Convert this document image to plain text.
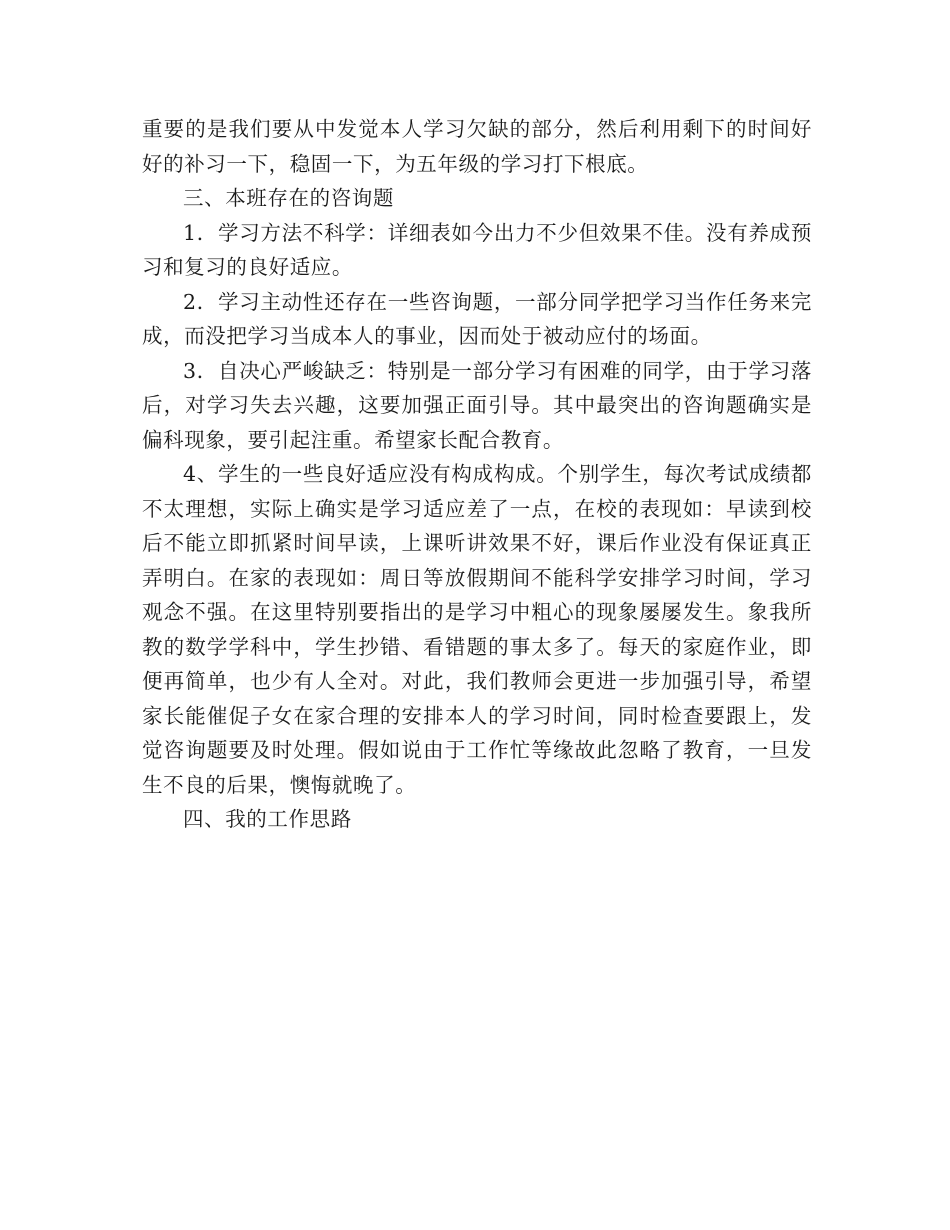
重要的是我们要从中发觉本人学习欠缺的部分，然后利用剩下的时间好好的补习一下，稳固一下，为五年级的学习打下根底。

三、本班存在的咨询题

1．学习方法不科学：详细表如今出力不少但效果不佳。没有养成预习和复习的良好适应。

2．学习主动性还存在一些咨询题，一部分同学把学习当作任务来完成，而没把学习当成本人的事业，因而处于被动应付的场面。

3．自决心严峻缺乏：特别是一部分学习有困难的同学，由于学习落后，对学习失去兴趣，这要加强正面引导。其中最突出的咨询题确实是偏科现象，要引起注重。希望家长配合教育。

4、学生的一些良好适应没有构成构成。个别学生，每次考试成绩都不太理想，实际上确实是学习适应差了一点，在校的表现如：早读到校后不能立即抓紧时间早读，上课听讲效果不好，课后作业没有保证真正弄明白。在家的表现如：周日等放假期间不能科学安排学习时间，学习观念不强。在这里特别要指出的是学习中粗心的现象屡屡发生。象我所教的数学学科中，学生抄错、看错题的事太多了。每天的家庭作业，即便再简单，也少有人全对。对此，我们教师会更进一步加强引导，希望家长能催促子女在家合理的安排本人的学习时间，同时检查要跟上，发觉咨询题要及时处理。假如说由于工作忙等缘故此忽略了教育，一旦发生不良的后果，懊悔就晚了。

四、我的工作思路
